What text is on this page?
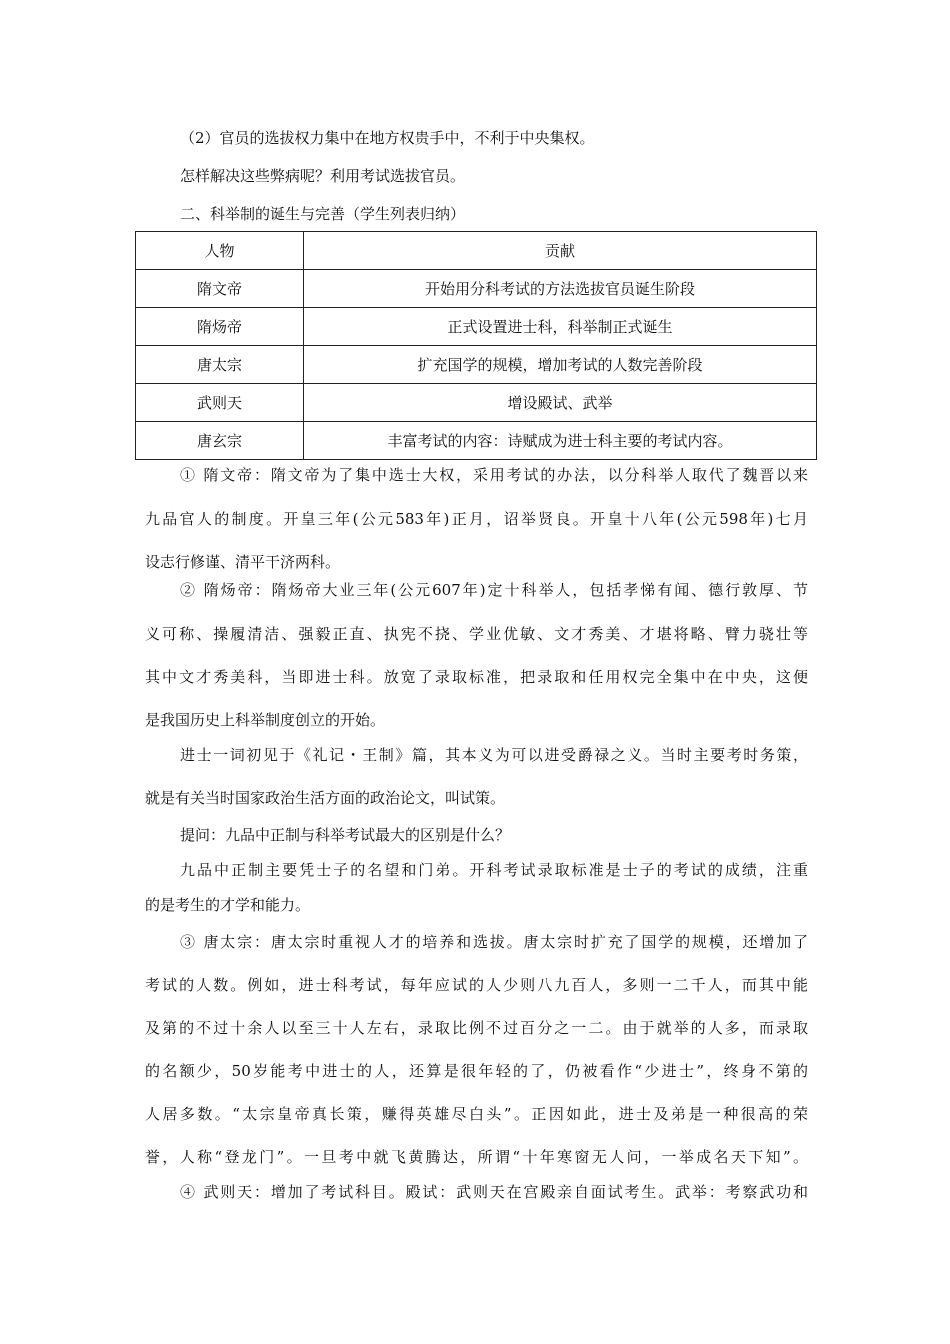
（2）官员的选拔权力集中在地方权贵手中，不利于中央集权。
怎样解决这些弊病呢？利用考试选拔官员。
二、科举制的诞生与完善（学生列表归纳）
人物	贡献
隋文帝	开始用分科考试的方法选拔官员诞生阶段
隋炀帝	正式设置进士科，科举制正式诞生
唐太宗	扩充国学的规模，增加考试的人数完善阶段
武则天	增设殿试、武举
唐玄宗	丰富考试的内容：诗赋成为进士科主要的考试内容。
① 隋文帝：隋文帝为了集中选士大权，采用考试的办法，以分科举人取代了魏晋以来
九品官人的制度。开皇三年(公元583年)正月，诏举贤良。开皇十八年(公元598年)七月
设志行修谨、清平干济两科。
② 隋炀帝：隋炀帝大业三年(公元607年)定十科举人，包括孝悌有闻、德行敦厚、节
义可称、操履清洁、强毅正直、执宪不挠、学业优敏、文才秀美、才堪将略、臂力骁壮等
其中文才秀美科，当即进士科。放宽了录取标准，把录取和任用权完全集中在中央，这便
是我国历史上科举制度创立的开始。
进士一词初见于《礼记・王制》篇，其本义为可以进受爵禄之义。当时主要考时务策，
就是有关当时国家政治生活方面的政治论文，叫试策。
提问：九品中正制与科举考试最大的区别是什么？
九品中正制主要凭士子的名望和门弟。开科考试录取标准是士子的考试的成绩，注重
的是考生的才学和能力。
③ 唐太宗：唐太宗时重视人才的培养和选拔。唐太宗时扩充了国学的规模，还增加了
考试的人数。例如，进士科考试，每年应试的人少则八九百人，多则一二千人，而其中能
及第的不过十余人以至三十人左右，录取比例不过百分之一二。由于就举的人多，而录取
的名额少，50岁能考中进士的人，还算是很年轻的了，仍被看作“少进士”，终身不第的
人居多数。“太宗皇帝真长策，赚得英雄尽白头”。正因如此，进士及弟是一种很高的荣
誉，人称“登龙门”。一旦考中就飞黄腾达，所谓“十年寒窗无人问，一举成名天下知”。
④ 武则天：增加了考试科目。殿试：武则天在宫殿亲自面试考生。武举：考察武功和
